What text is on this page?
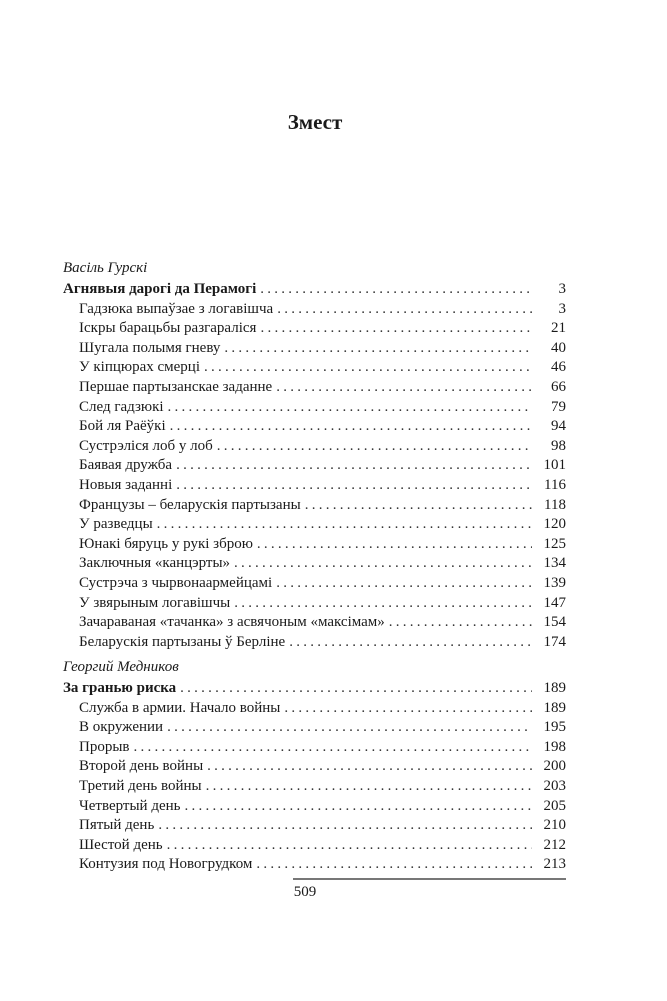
Змест
Васіль Гурскі
Агнявыя дарогі да Перамогі . . .	3
Гадзюка выпаўзае з логавішча . . .	3
Іскры барацьбы разгараліся . . .	21
Шугала полымя гневу . . .	40
У кіпцюрах смерці . . .	46
Першае партызанскае заданне . . .	66
След гадзюкі . . .	79
Бой ля Раёўкі . . .	94
Сустрэліся лоб у лоб . . .	98
Баявая дружба . . .	101
Новыя заданні . . .	116
Французы – беларускія партызаны . . .	118
У разведцы . . .	120
Юнакі бяруць у рукі зброю . . .	125
Заключныя «канцэрты» . . .	134
Сустрэча з чырвонаармейцамі . . .	139
У звярыным логавішчы . . .	147
Зачараваная «тачанка» з асвячоным «максімам» . . .	154
Беларускія партызаны ў Берліне . . .	174
Георгий Медников
За гранью риска . . .	189
Служба в армии. Начало войны . . .	189
В окружении . . .	195
Прорыв . . .	198
Второй день войны . . .	200
Третий день войны . . .	203
Четвертый день . . .	205
Пятый день . . .	210
Шестой день . . .	212
Контузия под Новогрудком . . .	213
509
